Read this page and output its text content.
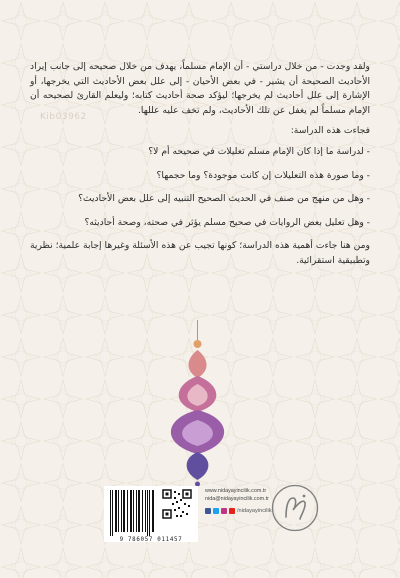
Kib03962

ولقد وجدت - من خلال دراستي - أن الإمام مسلماً، يهدف من خلال صحيحه إلى جانب إيراد الأحاديث الصحيحة أن يشير - في بعض الأحيان - إلى علل بعض الأحاديث التي يخرجها، أو الإشارة إلى علل أحاديث لم يخرجها؛ ليؤكد صحة أحاديث كتابه؛ وليعلم القارئ لصحيحه أن الإمام مسلماً لم يغفل عن تلك الأحاديث، ولم تخف عليه عللها.

فجاءت هذه الدراسة:

- لدراسة ما إذا كان الإمام مسلم تعليلات في صحيحه أم لا؟

- وما صورة هذه التعليلات إن كانت موجودة؟ وما حجمها؟

- وهل من منهج من صنف في الحديث الصحيح التنبيه إلى علل بعض الأحاديث؟

- وهل تعليل بعض الروايات في صحيح مسلم يؤثر في صحته، وصحة أحاديثه؟

ومن هنا جاءت أهمية هذه الدراسة؛ كونها تجيب عن هذه الأسئلة وغيرها إجابة علمية؛ نظرية وتطبيقية استقرائية.

9 786057 011457
www.nidayayincilik.com.tr
nida@nidayayincilik.com.tr
/nidayayincilik
